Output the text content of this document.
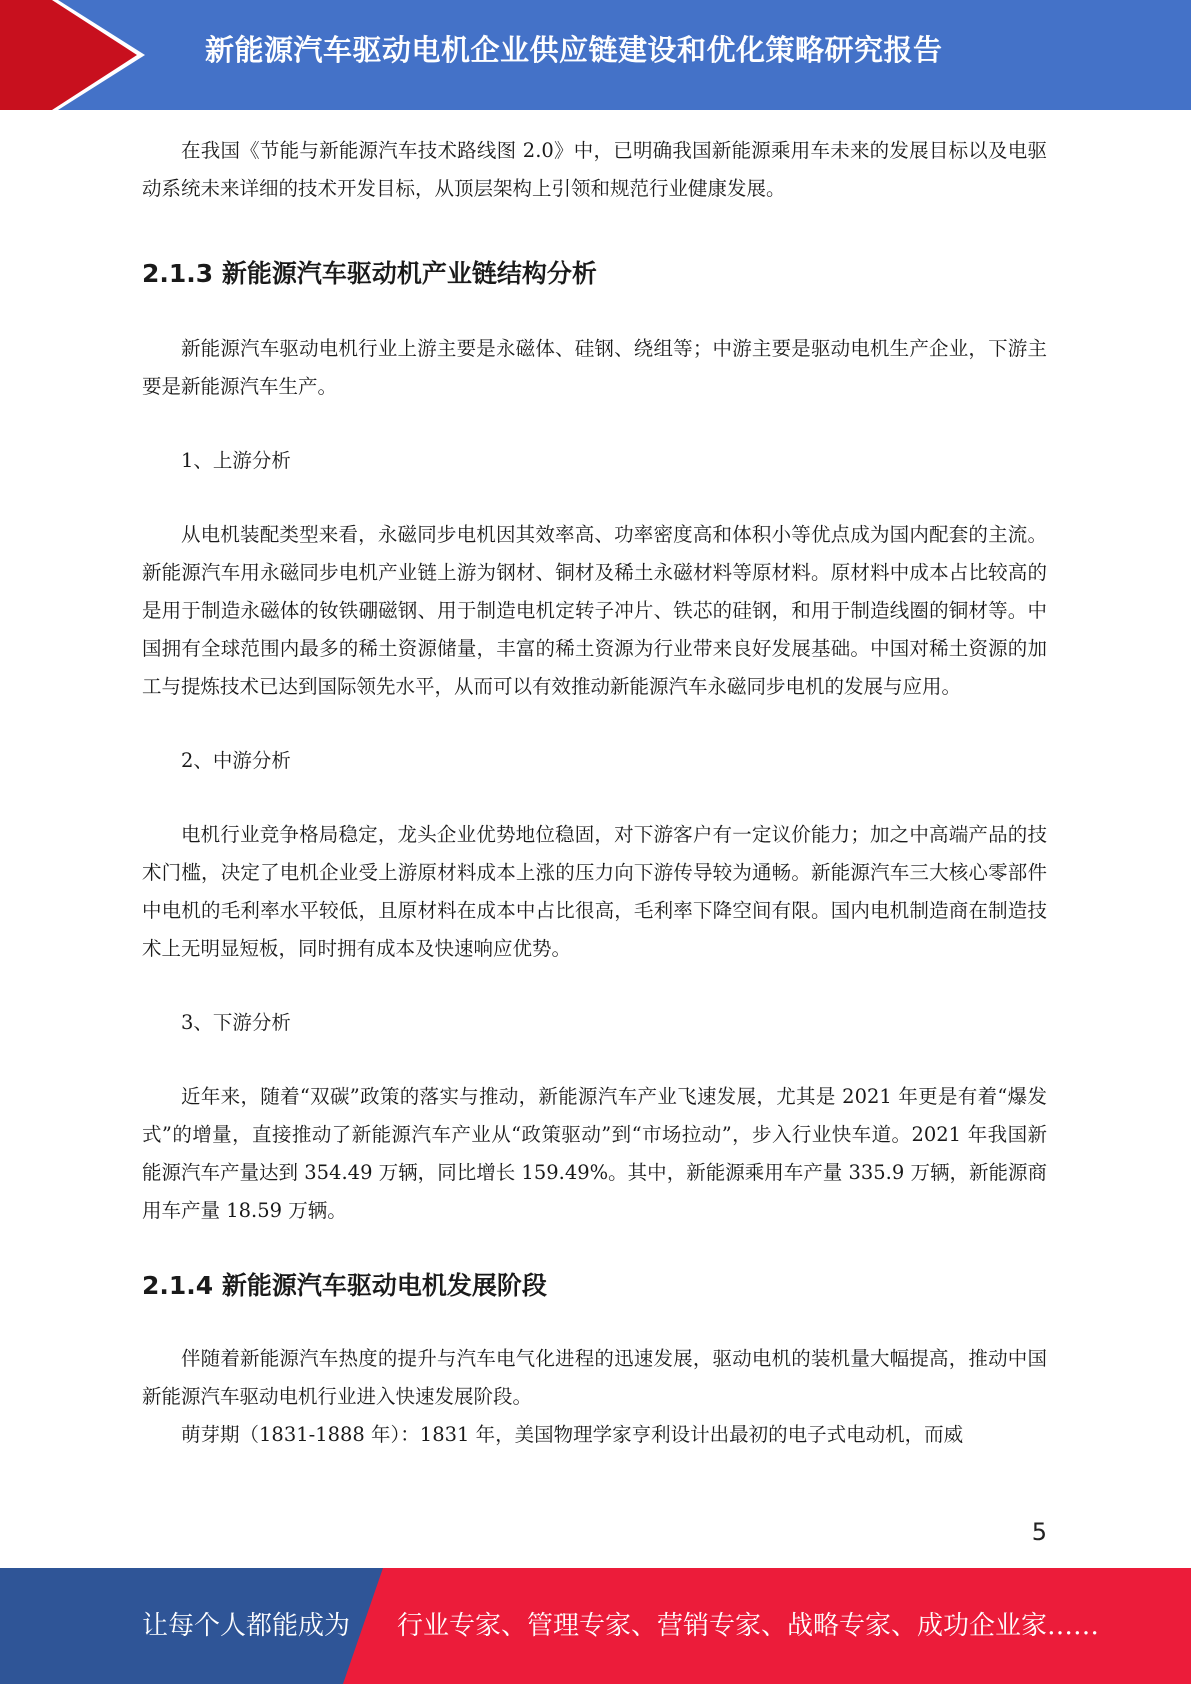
新能源汽车驱动电机企业供应链建设和优化策略研究报告

在我国《节能与新能源汽车技术路线图 2.0》中，已明确我国新能源乘用车未来的发展目标以及电驱动系统未来详细的技术开发目标，从顶层架构上引领和规范行业健康发展。

2.1.3 新能源汽车驱动机产业链结构分析

新能源汽车驱动电机行业上游主要是永磁体、硅钢、绕组等；中游主要是驱动电机生产企业，下游主要是新能源汽车生产。

1、上游分析

从电机装配类型来看，永磁同步电机因其效率高、功率密度高和体积小等优点成为国内配套的主流。新能源汽车用永磁同步电机产业链上游为钢材、铜材及稀土永磁材料等原材料。原材料中成本占比较高的是用于制造永磁体的钕铁硼磁钢、用于制造电机定转子冲片、铁芯的硅钢，和用于制造线圈的铜材等。中国拥有全球范围内最多的稀土资源储量，丰富的稀土资源为行业带来良好发展基础。中国对稀土资源的加工与提炼技术已达到国际领先水平，从而可以有效推动新能源汽车永磁同步电机的发展与应用。

2、中游分析

电机行业竞争格局稳定，龙头企业优势地位稳固，对下游客户有一定议价能力；加之中高端产品的技术门槛，决定了电机企业受上游原材料成本上涨的压力向下游传导较为通畅。新能源汽车三大核心零部件中电机的毛利率水平较低，且原材料在成本中占比很高，毛利率下降空间有限。国内电机制造商在制造技术上无明显短板，同时拥有成本及快速响应优势。

3、下游分析

近年来，随着“双碳”政策的落实与推动，新能源汽车产业飞速发展，尤其是 2021 年更是有着“爆发式”的增量，直接推动了新能源汽车产业从“政策驱动”到“市场拉动”，步入行业快车道。2021 年我国新能源汽车产量达到 354.49 万辆，同比增长 159.49%。其中，新能源乘用车产量 335.9 万辆，新能源商用车产量 18.59 万辆。

2.1.4 新能源汽车驱动电机发展阶段

伴随着新能源汽车热度的提升与汽车电气化进程的迅速发展，驱动电机的装机量大幅提高，推动中国新能源汽车驱动电机行业进入快速发展阶段。

萌芽期（1831-1888 年）：1831 年，美国物理学家亨利设计出最初的电子式电动机，而威

5
让每个人都能成为 行业专家、管理专家、营销专家、战略专家、成功企业家……
